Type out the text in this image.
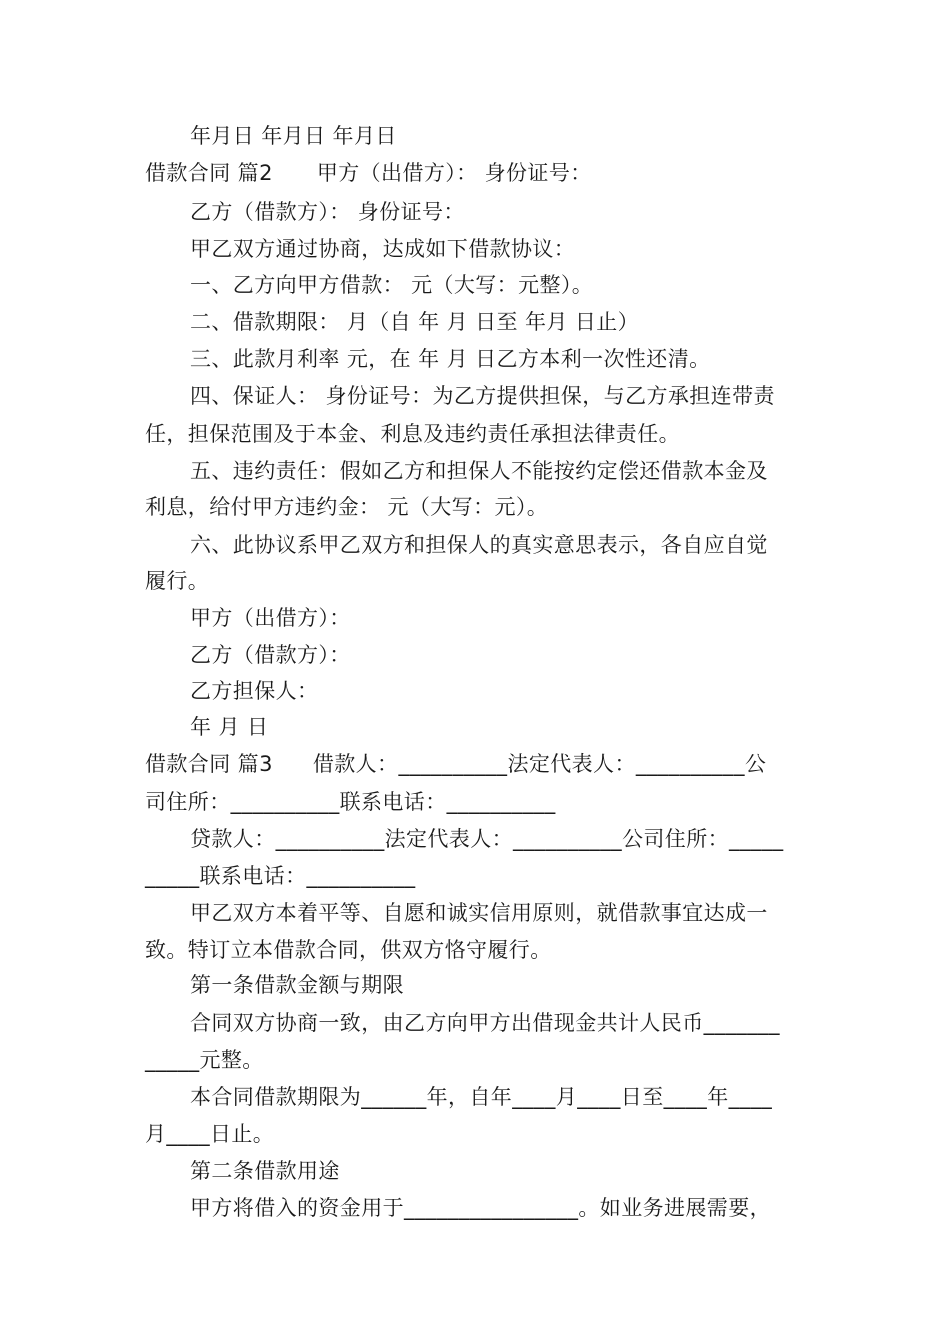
年月日 年月日 年月日
借款合同 篇2 甲方（出借方）： 身份证号：
乙方（借款方）： 身份证号：
甲乙双方通过协商，达成如下借款协议：
一、乙方向甲方借款： 元（大写：元整）。
二、借款期限： 月（自 年 月 日至 年月 日止）
三、此款月利率 元，在 年 月 日乙方本利一次性还清。
四、保证人： 身份证号：为乙方提供担保，与乙方承担连带责
任，担保范围及于本金、利息及违约责任承担法律责任。
五、违约责任：假如乙方和担保人不能按约定偿还借款本金及
利息，给付甲方违约金： 元（大写：元）。
六、此协议系甲乙双方和担保人的真实意思表示，各自应自觉
履行。
甲方（出借方）：
乙方（借款方）：
乙方担保人：
年 月 日
借款合同 篇3 借款人：__________法定代表人：__________公
司住所：__________联系电话：__________
贷款人：__________法定代表人：__________公司住所：_____
_____联系电话：__________
甲乙双方本着平等、自愿和诚实信用原则，就借款事宜达成一
致。特订立本借款合同，供双方恪守履行。
第一条借款金额与期限
合同双方协商一致，由乙方向甲方出借现金共计人民币_______
_____元整。
本合同借款期限为______年，自年____月____日至____年____
月____日止。
第二条借款用途
甲方将借入的资金用于________________。如业务进展需要，
